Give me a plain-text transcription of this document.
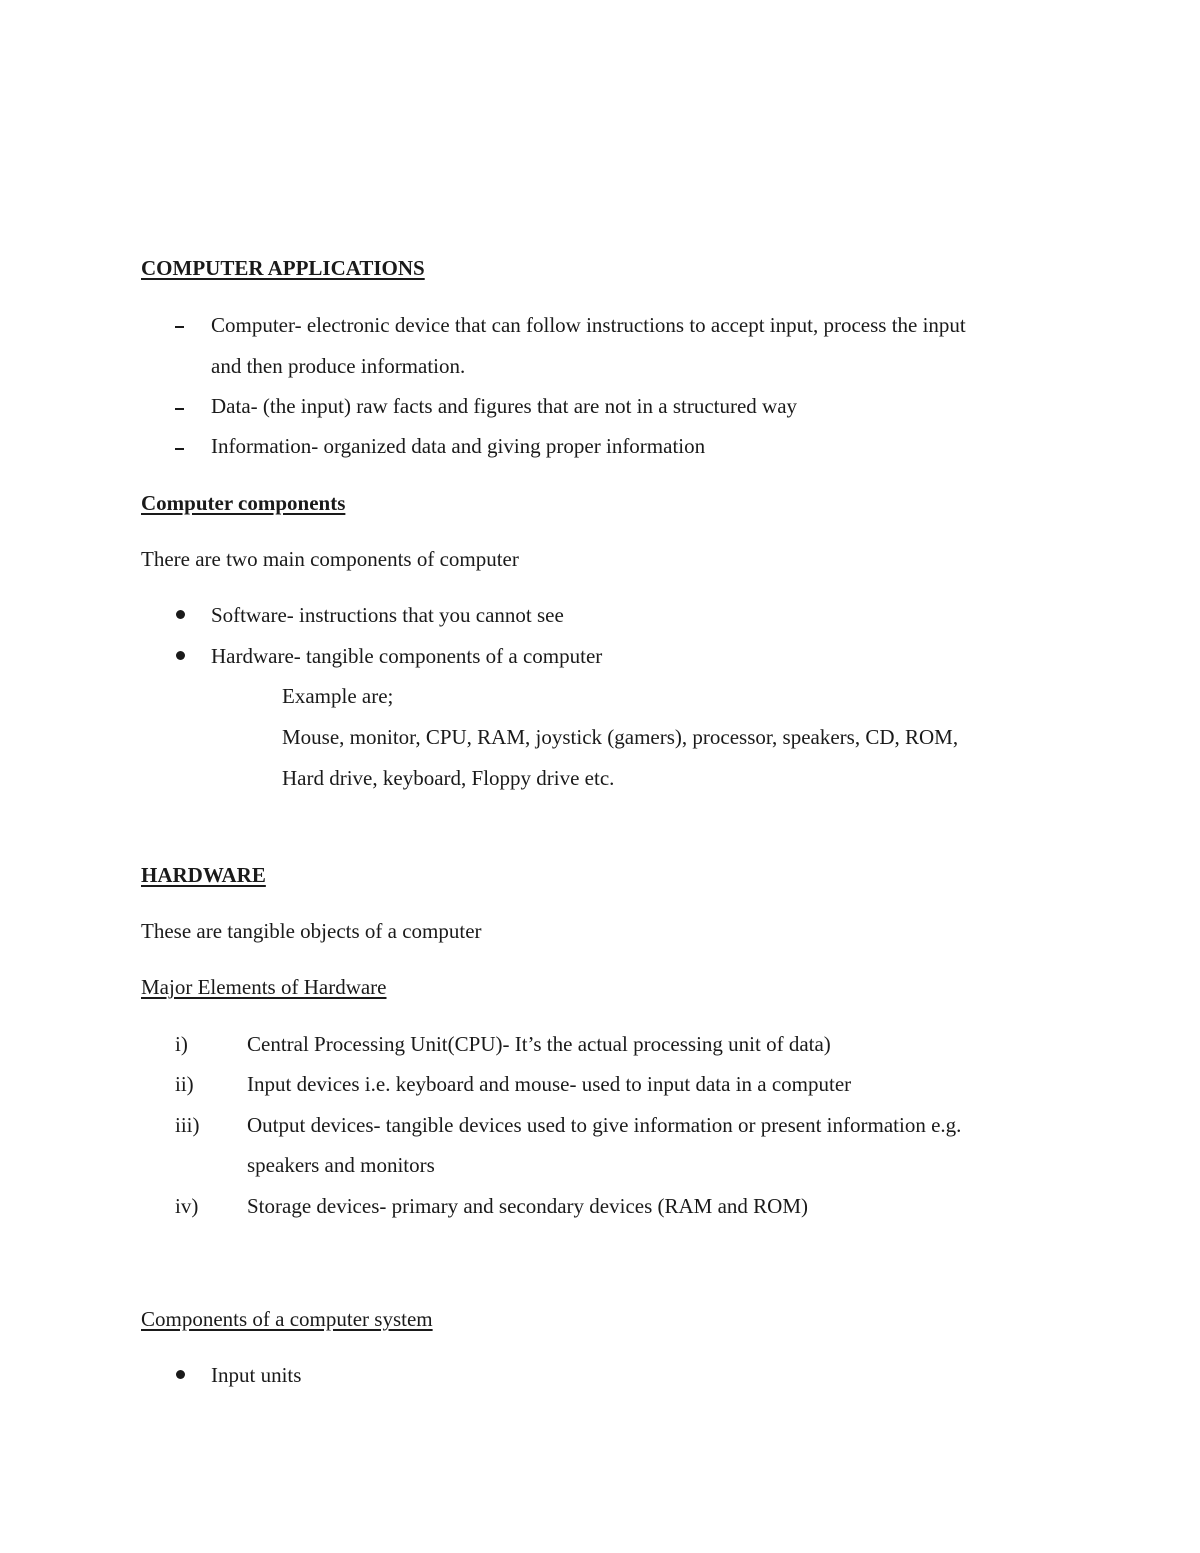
COMPUTER APPLICATIONS
Computer- electronic device that can follow instructions to accept input, process the input
and then produce information.
Data- (the input) raw facts and figures that are not in a structured way
Information- organized data and giving proper information
Computer components
There are two main components of computer
Software- instructions that you cannot see
Hardware- tangible components of a computer
Example are;
Mouse, monitor, CPU, RAM, joystick (gamers), processor, speakers, CD, ROM,
Hard drive, keyboard, Floppy drive etc.
HARDWARE
These are tangible objects of a computer
Major Elements of Hardware
i)	Central Processing Unit(CPU)- It’s the actual processing unit of data)
ii)	Input devices i.e. keyboard and mouse- used to input data in a computer
iii) Output devices- tangible devices used to give information or present information e.g.
speakers and monitors
iv) Storage devices- primary and secondary devices (RAM and ROM)
Components of a computer system
Input units
